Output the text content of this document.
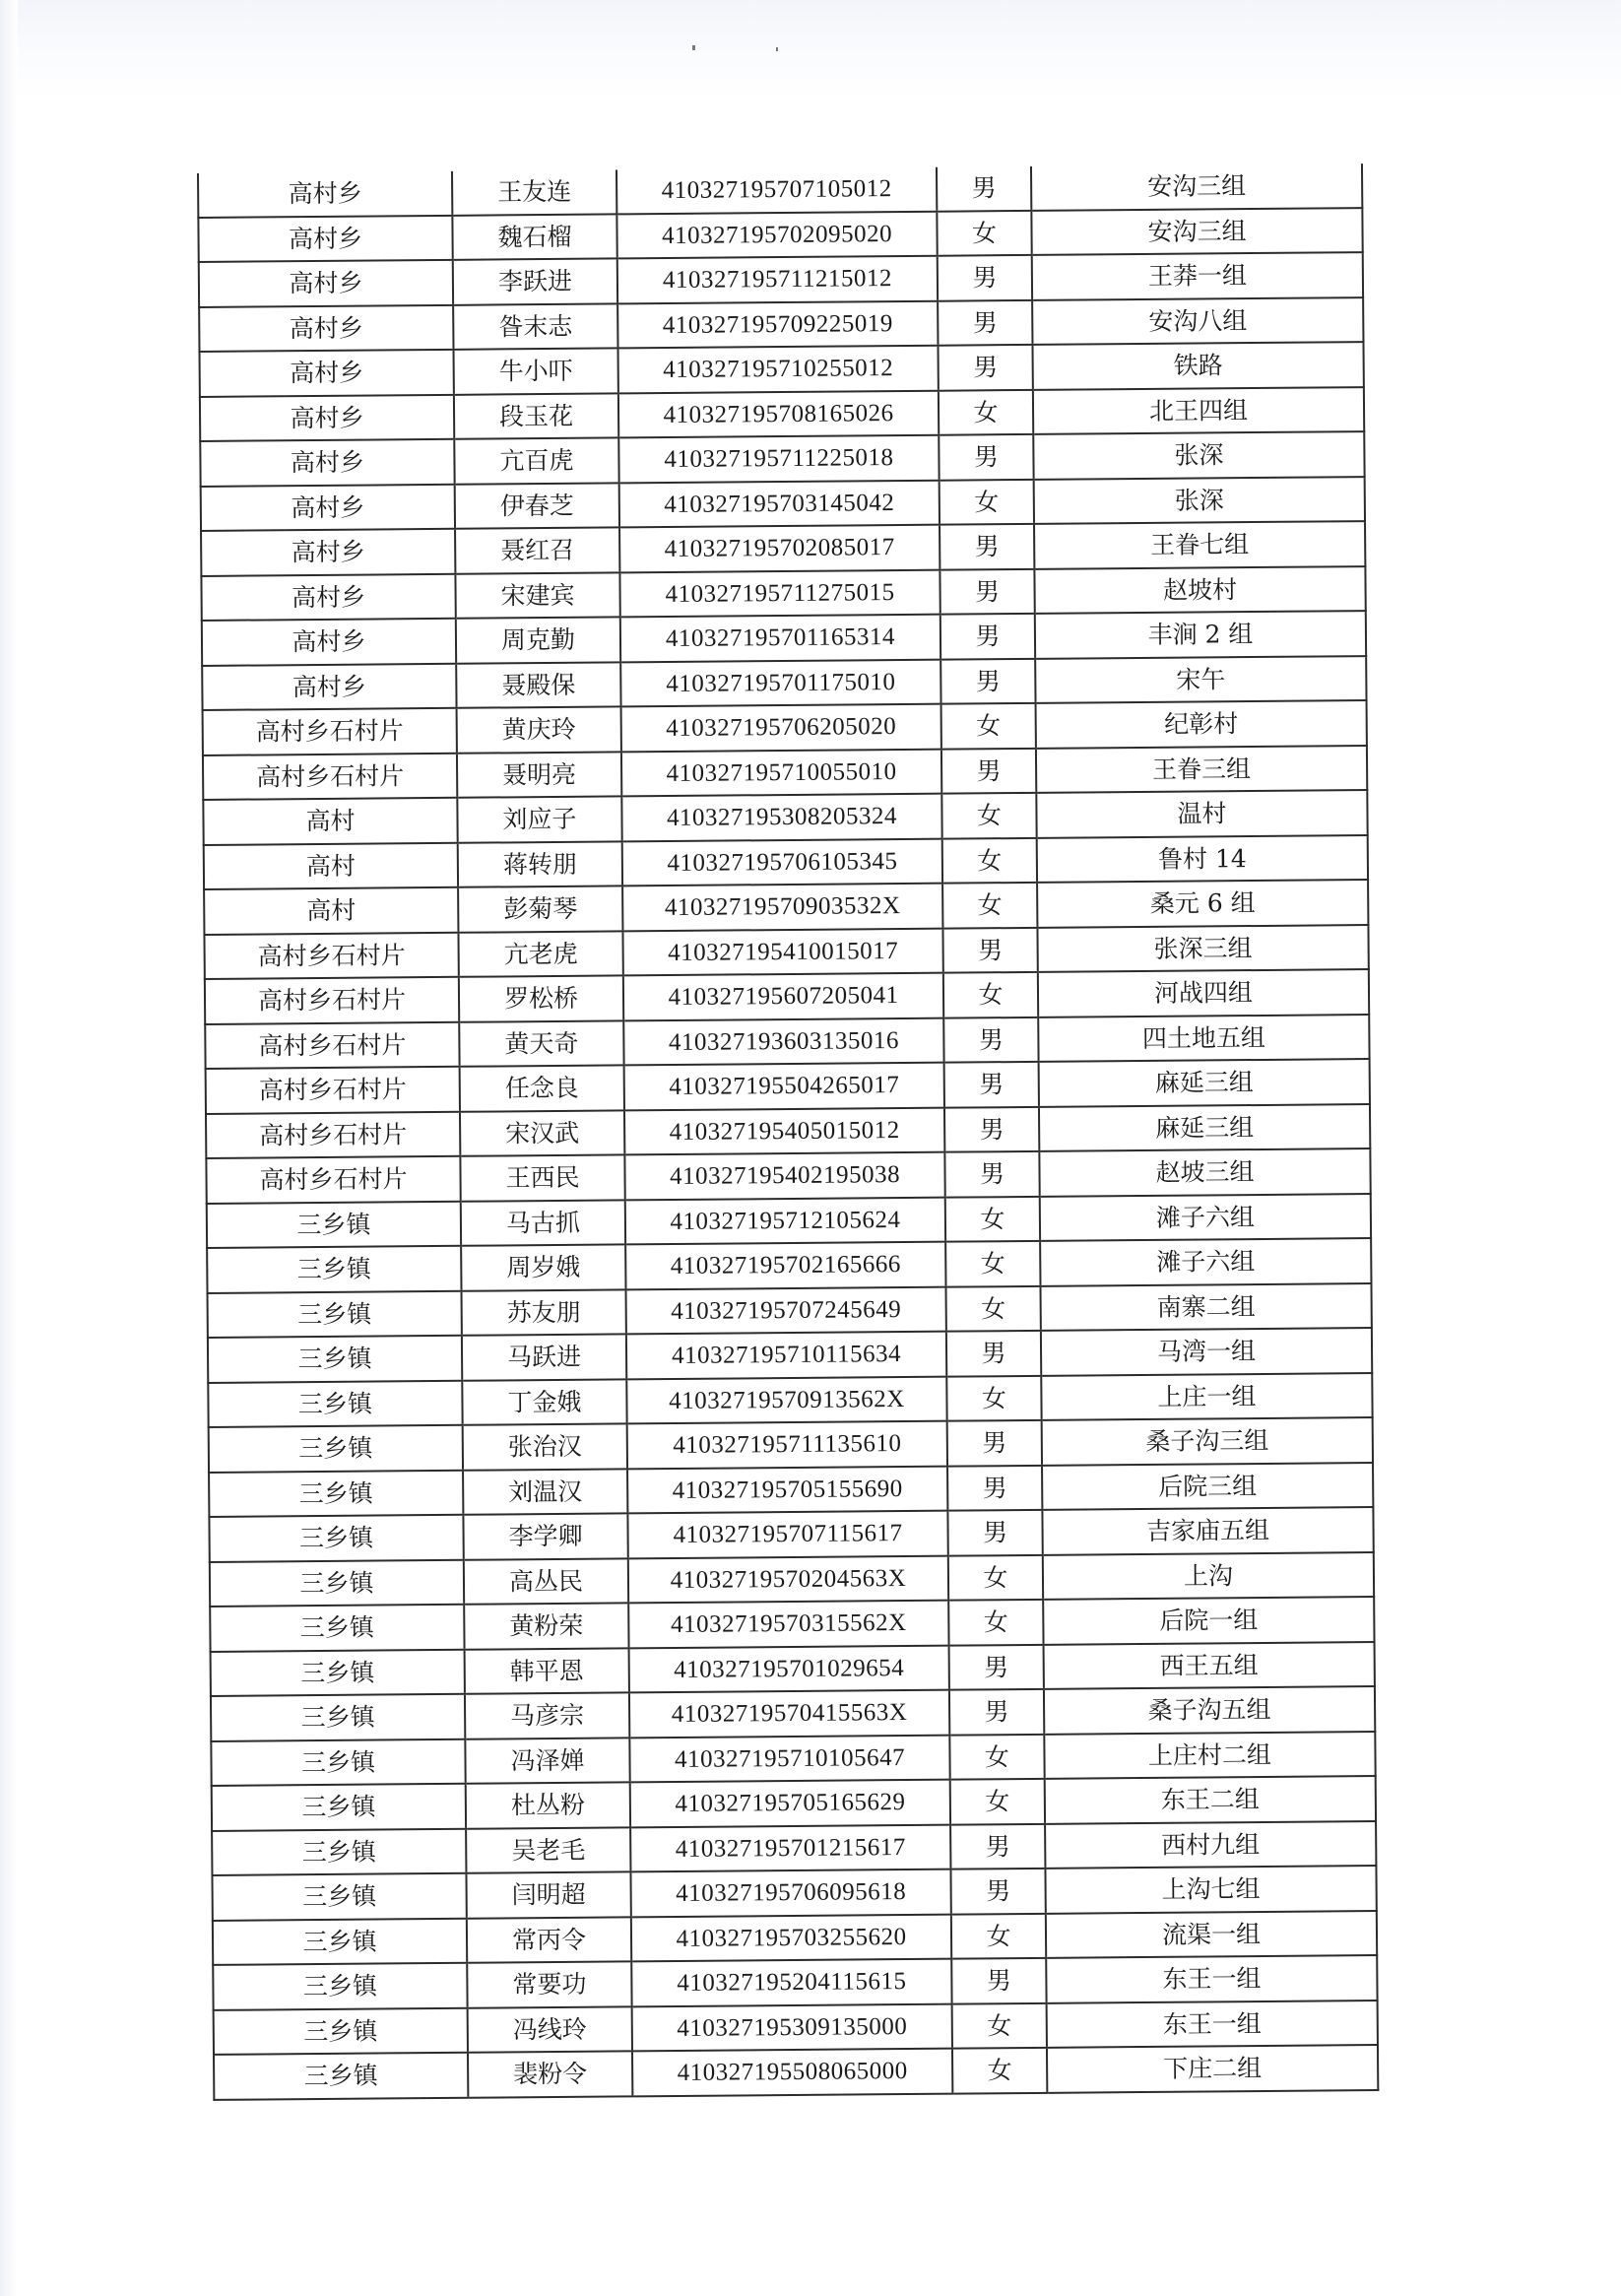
高村乡	王友连	410327195707105012	男	安沟三组
高村乡	魏石榴	410327195702095020	女	安沟三组
高村乡	李跃进	410327195711215012	男	王莽一组
高村乡	昝末志	410327195709225019	男	安沟八组
高村乡	牛小吓	410327195710255012	男	铁路
高村乡	段玉花	410327195708165026	女	北王四组
高村乡	亢百虎	410327195711225018	男	张深
高村乡	伊春芝	410327195703145042	女	张深
高村乡	聂红召	410327195702085017	男	王眷七组
高村乡	宋建宾	410327195711275015	男	赵坡村
高村乡	周克勤	410327195701165314	男	丰涧 2 组
高村乡	聂殿保	410327195701175010	男	宋午
高村乡石村片	黄庆玲	410327195706205020	女	纪彰村
高村乡石村片	聂明亮	410327195710055010	男	王眷三组
高村	刘应子	410327195308205324	女	温村
高村	蒋转朋	410327195706105345	女	鲁村 14
高村	彭菊琴	41032719570903532X	女	桑元 6 组
高村乡石村片	亢老虎	410327195410015017	男	张深三组
高村乡石村片	罗松桥	410327195607205041	女	河战四组
高村乡石村片	黄天奇	410327193603135016	男	四土地五组
高村乡石村片	任念良	410327195504265017	男	麻延三组
高村乡石村片	宋汉武	410327195405015012	男	麻延三组
高村乡石村片	王西民	410327195402195038	男	赵坡三组
三乡镇	马古抓	410327195712105624	女	滩子六组
三乡镇	周岁娥	410327195702165666	女	滩子六组
三乡镇	苏友朋	410327195707245649	女	南寨二组
三乡镇	马跃进	410327195710115634	男	马湾一组
三乡镇	丁金娥	41032719570913562X	女	上庄一组
三乡镇	张治汉	410327195711135610	男	桑子沟三组
三乡镇	刘温汉	410327195705155690	男	后院三组
三乡镇	李学卿	410327195707115617	男	吉家庙五组
三乡镇	高丛民	41032719570204563X	女	上沟
三乡镇	黄粉荣	41032719570315562X	女	后院一组
三乡镇	韩平恩	410327195701029654	男	西王五组
三乡镇	马彦宗	41032719570415563X	男	桑子沟五组
三乡镇	冯泽婵	410327195710105647	女	上庄村二组
三乡镇	杜丛粉	410327195705165629	女	东王二组
三乡镇	吴老毛	410327195701215617	男	西村九组
三乡镇	闫明超	410327195706095618	男	上沟七组
三乡镇	常丙令	410327195703255620	女	流渠一组
三乡镇	常要功	410327195204115615	男	东王一组
三乡镇	冯线玲	410327195309135000	女	东王一组
三乡镇	裴粉令	410327195508065000	女	下庄二组
